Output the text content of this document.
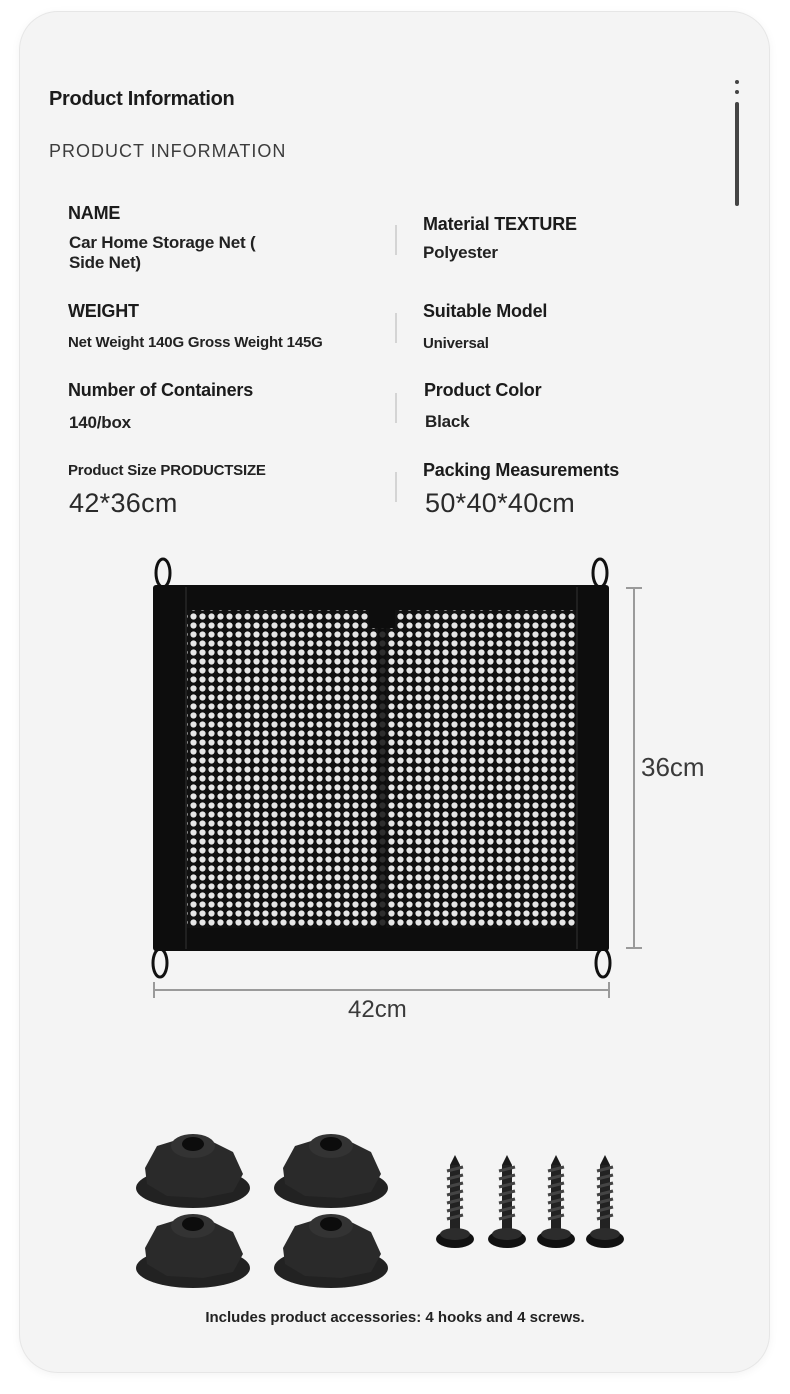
Product Information
PRODUCT INFORMATION
NAME
Car Home Storage Net (
Side Net)
Material TEXTURE
Polyester
WEIGHT
Net Weight 140G Gross Weight 145G
Suitable Model
Universal
Number of Containers
140/box
Product Color
Black
Product Size PRODUCTSIZE
42*36cm
Packing Measurements
50*40*40cm
36cm
42cm
Includes product accessories: 4 hooks and 4 screws.
